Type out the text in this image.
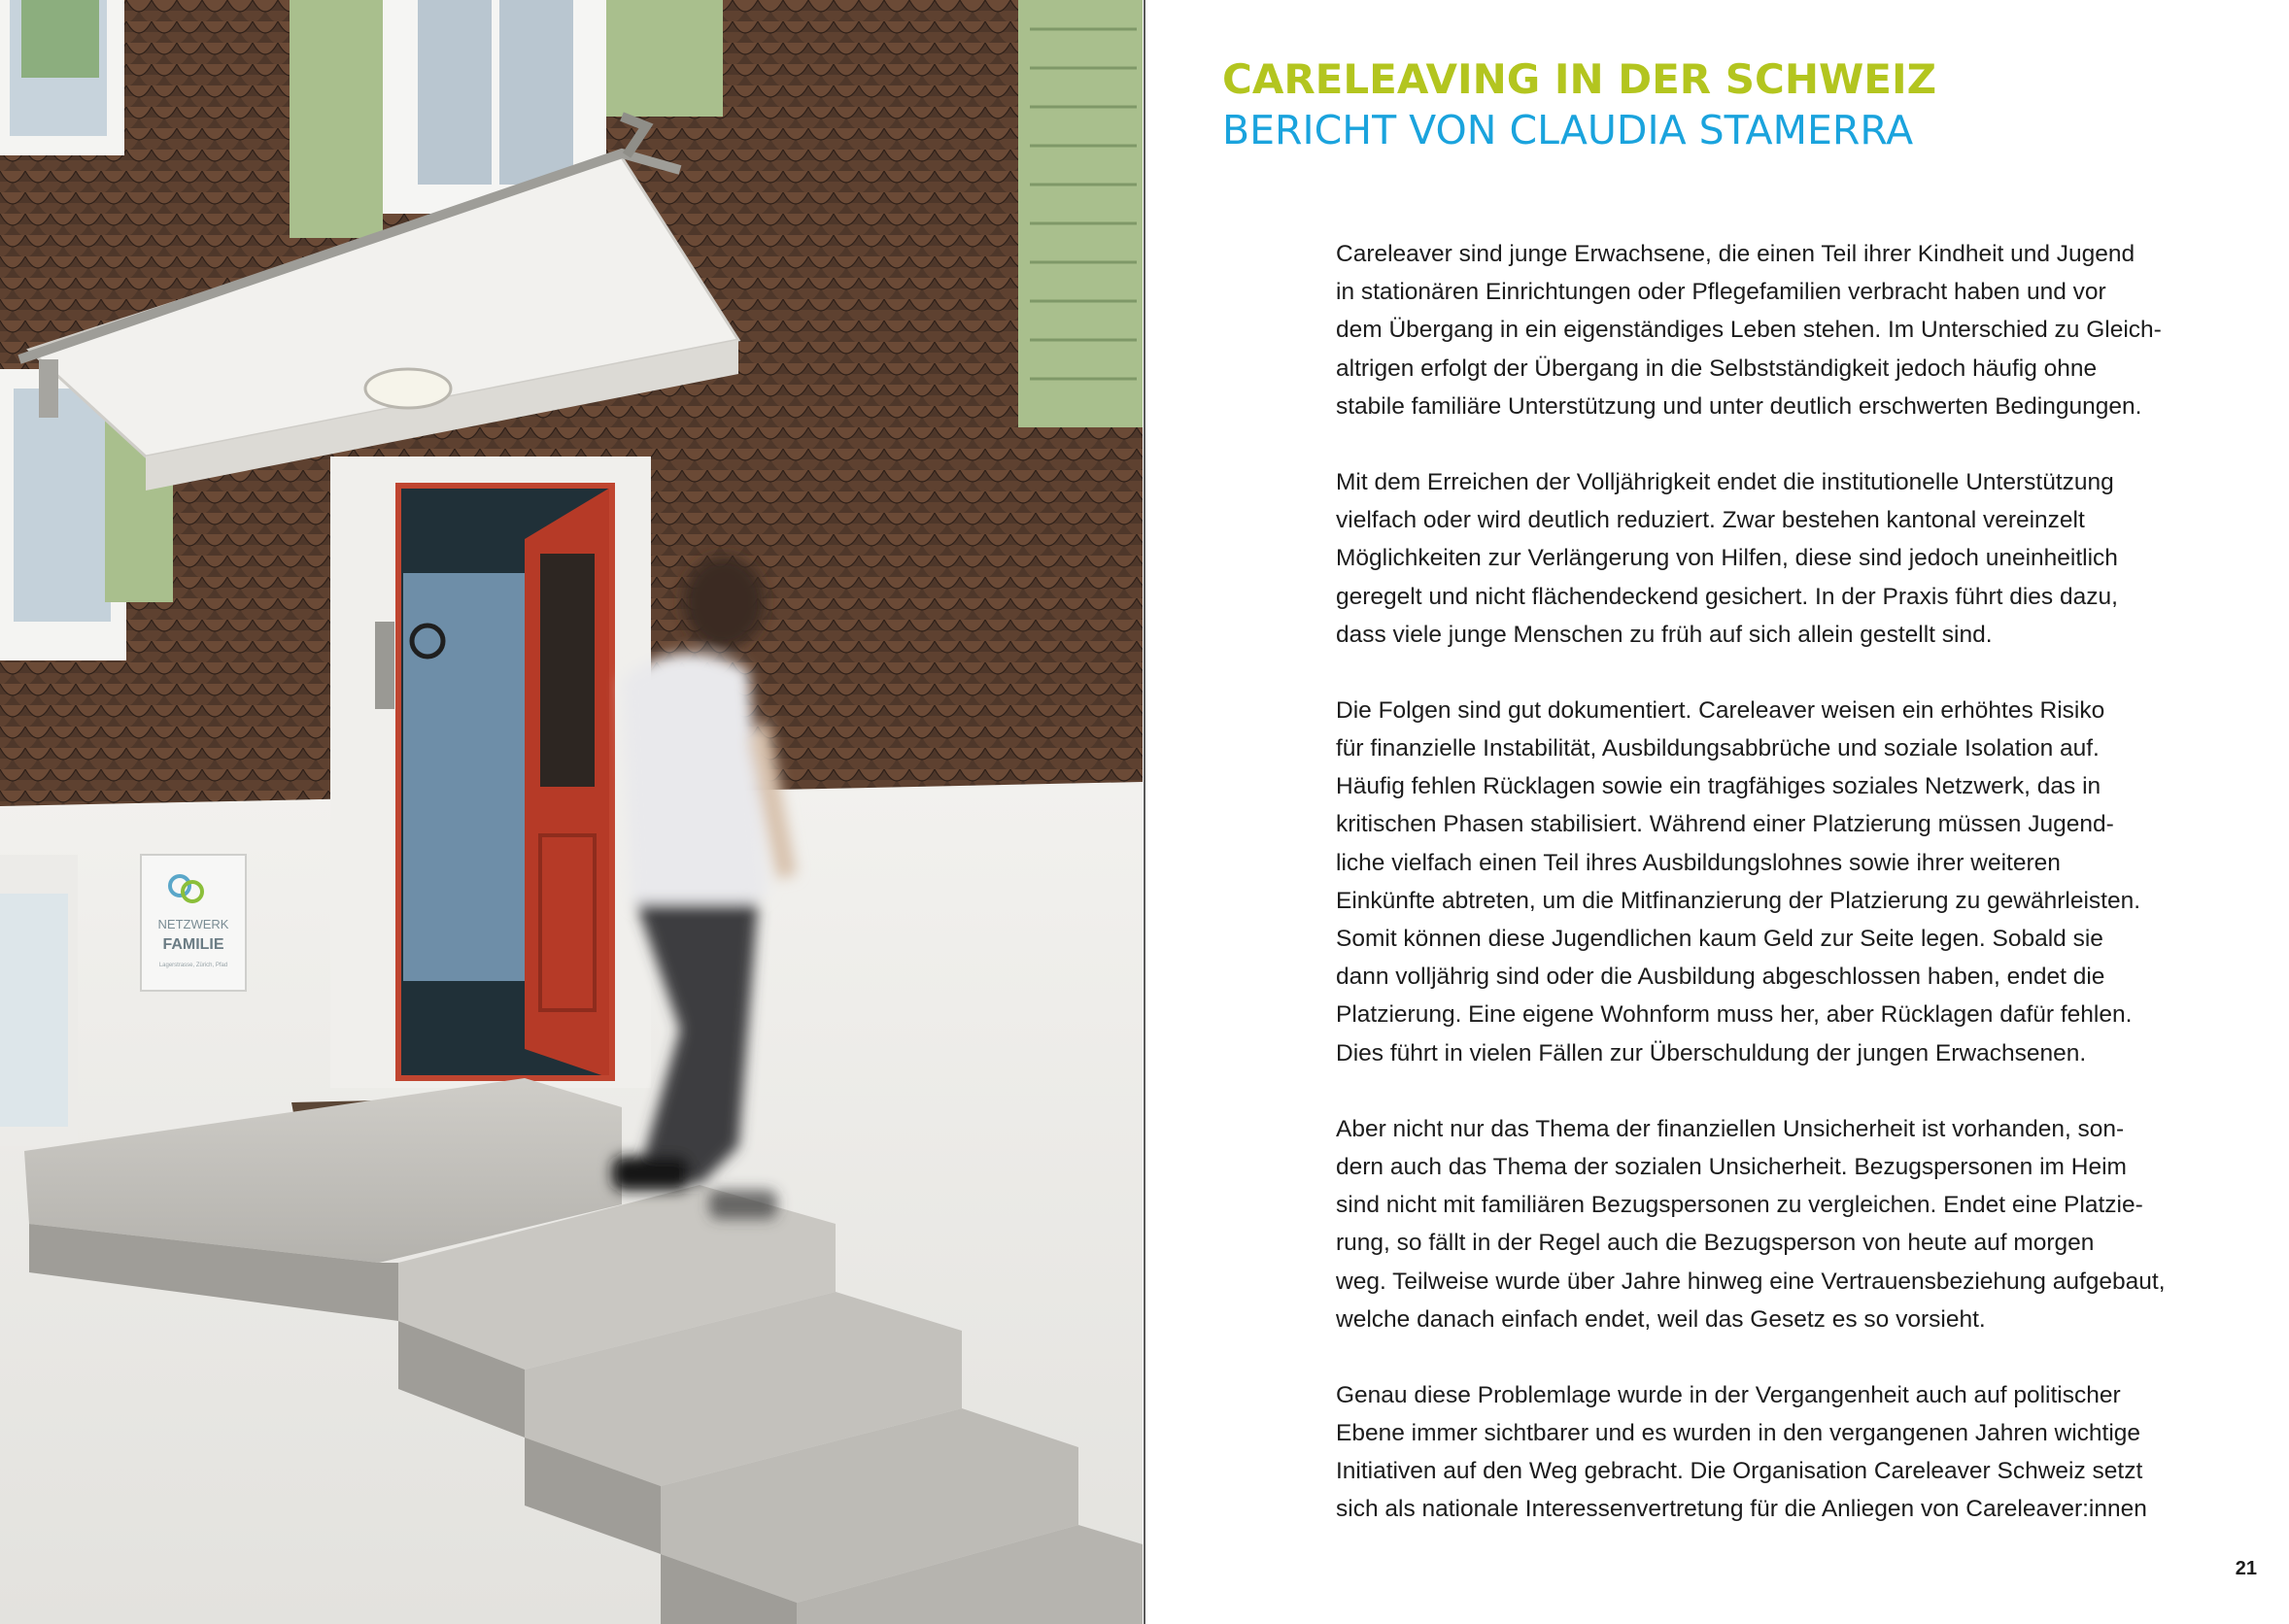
NETZWERK
FAMILIE
Lagerstrasse, Zürich, Pfad
CARELEAVING IN DER SCHWEIZ
BERICHT VON CLAUDIA STAMERRA

Careleaver sind junge Erwachsene, die einen Teil ihrer Kindheit und Jugend
in stationären Einrichtungen oder Pflegefamilien verbracht haben und vor
dem Übergang in ein eigenständiges Leben stehen. Im Unterschied zu Gleich-
altrigen erfolgt der Übergang in die Selbstständigkeit jedoch häufig ohne
stabile familiäre Unterstützung und unter deutlich erschwerten Bedingungen.

Mit dem Erreichen der Volljährigkeit endet die institutionelle Unterstützung
vielfach oder wird deutlich reduziert. Zwar bestehen kantonal vereinzelt
Möglichkeiten zur Verlängerung von Hilfen, diese sind jedoch uneinheitlich
geregelt und nicht flächendeckend gesichert. In der Praxis führt dies dazu,
dass viele junge Menschen zu früh auf sich allein gestellt sind.

Die Folgen sind gut dokumentiert. Careleaver weisen ein erhöhtes Risiko
für finanzielle Instabilität, Ausbildungsabbrüche und soziale Isolation auf.
Häufig fehlen Rücklagen sowie ein tragfähiges soziales Netzwerk, das in
kritischen Phasen stabilisiert. Während einer Platzierung müssen Jugend-
liche vielfach einen Teil ihres Ausbildungslohnes sowie ihrer weiteren
Einkünfte abtreten, um die Mitfinanzierung der Platzierung zu gewährleisten.
Somit können diese Jugendlichen kaum Geld zur Seite legen. Sobald sie
dann volljährig sind oder die Ausbildung abgeschlossen haben, endet die
Platzierung. Eine eigene Wohnform muss her, aber Rücklagen dafür fehlen.
Dies führt in vielen Fällen zur Überschuldung der jungen Erwachsenen.

Aber nicht nur das Thema der finanziellen Unsicherheit ist vorhanden, son-
dern auch das Thema der sozialen Unsicherheit. Bezugspersonen im Heim
sind nicht mit familiären Bezugspersonen zu vergleichen. Endet eine Platzie-
rung, so fällt in der Regel auch die Bezugsperson von heute auf morgen
weg. Teilweise wurde über Jahre hinweg eine Vertrauensbeziehung aufgebaut,
welche danach einfach endet, weil das Gesetz es so vorsieht.

Genau diese Problemlage wurde in der Vergangenheit auch auf politischer
Ebene immer sichtbarer und es wurden in den vergangenen Jahren wichtige
Initiativen auf den Weg gebracht. Die Organisation Careleaver Schweiz setzt
sich als nationale Interessenvertretung für die Anliegen von Careleaver:innen

21
